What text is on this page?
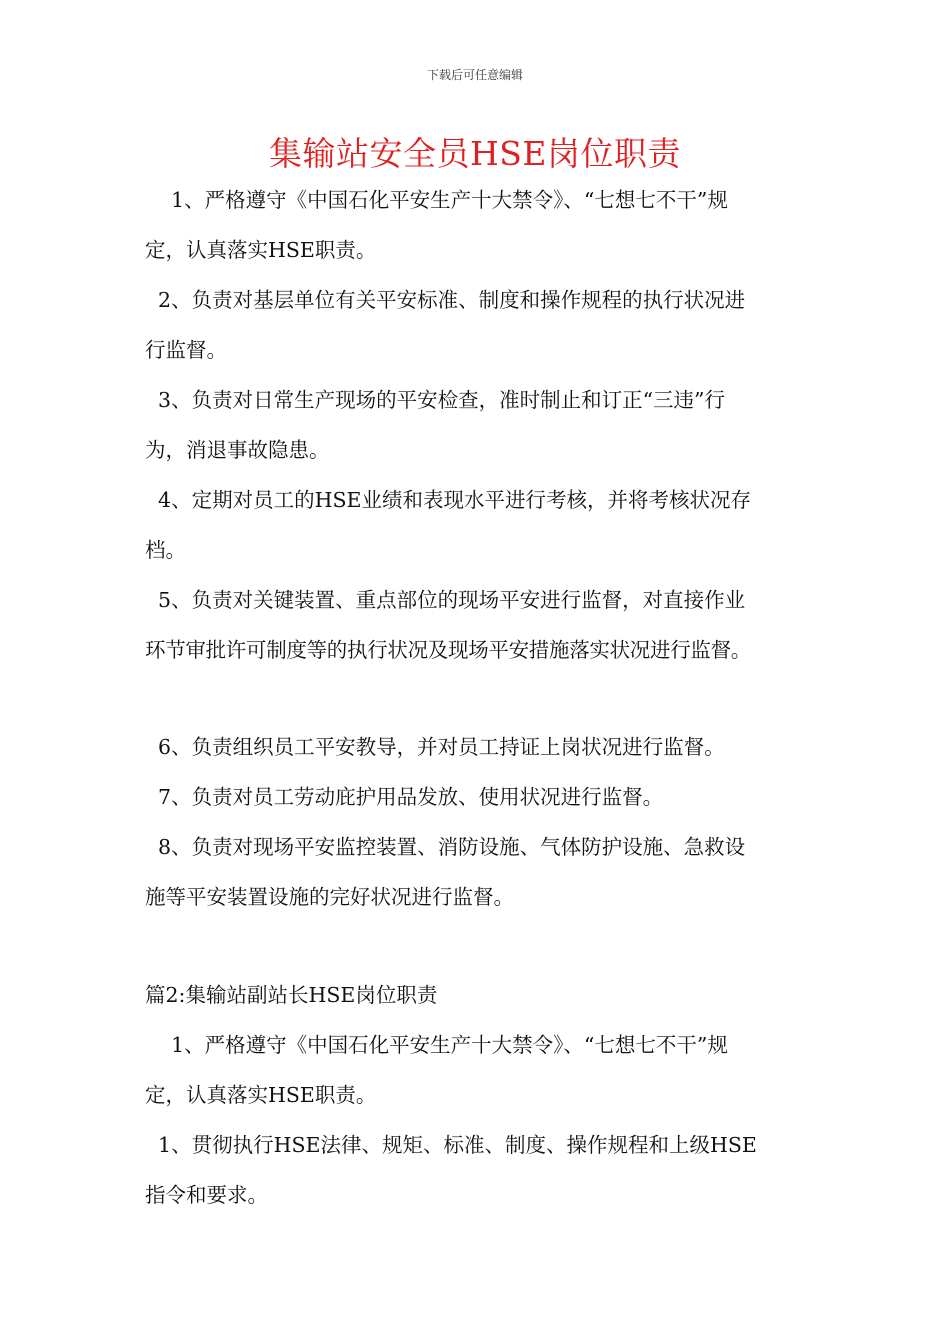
下载后可任意编辑
集输站安全员HSE岗位职责
1、严格遵守《中国石化平安生产十大禁令》、“七想七不干”规
定，认真落实HSE职责。
2、负责对基层单位有关平安标准、制度和操作规程的执行状况进
行监督。
3、负责对日常生产现场的平安检查，准时制止和订正“三违”行
为，消退事故隐患。
4、定期对员工的HSE业绩和表现水平进行考核，并将考核状况存
档。
5、负责对关键装置、重点部位的现场平安进行监督，对直接作业
环节审批许可制度等的执行状况及现场平安措施落实状况进行监督。
6、负责组织员工平安教导，并对员工持证上岗状况进行监督。
7、负责对员工劳动庇护用品发放、使用状况进行监督。
8、负责对现场平安监控装置、消防设施、气体防护设施、急救设
施等平安装置设施的完好状况进行监督。
篇2:集输站副站长HSE岗位职责
1、严格遵守《中国石化平安生产十大禁令》、“七想七不干”规
定，认真落实HSE职责。
1、贯彻执行HSE法律、规矩、标准、制度、操作规程和上级HSE
指令和要求。
